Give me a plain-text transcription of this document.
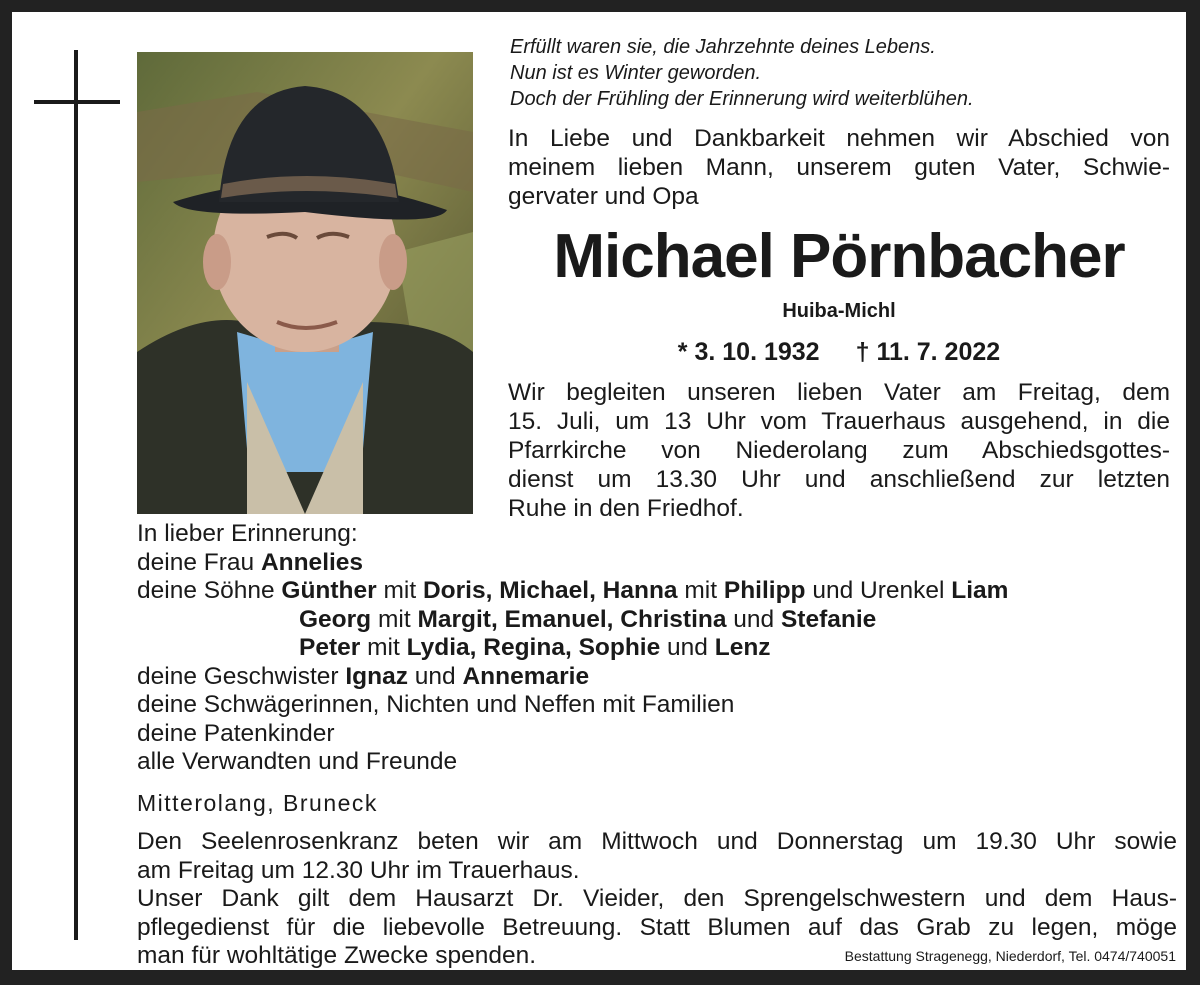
Erfüllt waren sie, die Jahrzehnte deines Lebens.
Nun ist es Winter geworden.
Doch der Frühling der Erinnerung wird weiterblühen.
In Liebe und Dankbarkeit nehmen wir Abschied von
meinem lieben Mann, unserem guten Vater, Schwie-
gervater und Opa
Michael Pörnbacher
Huiba-Michl
* 3. 10. 1932 † 11. 7. 2022
Wir begleiten unseren lieben Vater am Freitag, dem
15. Juli, um 13 Uhr vom Trauerhaus ausgehend, in die
Pfarrkirche von Niederolang zum Abschiedsgottes-
dienst um 13.30 Uhr und anschließend zur letzten
Ruhe in den Friedhof.
In lieber Erinnerung:
deine Frau Annelies
deine Söhne Günther mit Doris, Michael, Hanna mit Philipp und Urenkel Liam
Georg mit Margit, Emanuel, Christina und Stefanie
Peter mit Lydia, Regina, Sophie und Lenz
deine Geschwister Ignaz und Annemarie
deine Schwägerinnen, Nichten und Neffen mit Familien
deine Patenkinder
alle Verwandten und Freunde
Mitterolang, Bruneck
Den Seelenrosenkranz beten wir am Mittwoch und Donnerstag um 19.30 Uhr sowie
am Freitag um 12.30 Uhr im Trauerhaus.
Unser Dank gilt dem Hausarzt Dr. Vieider, den Sprengelschwestern und dem Haus-
pflegedienst für die liebevolle Betreuung. Statt Blumen auf das Grab zu legen, möge
man für wohltätige Zwecke spenden.	Bestattung Stragenegg, Niederdorf, Tel. 0474/740051
